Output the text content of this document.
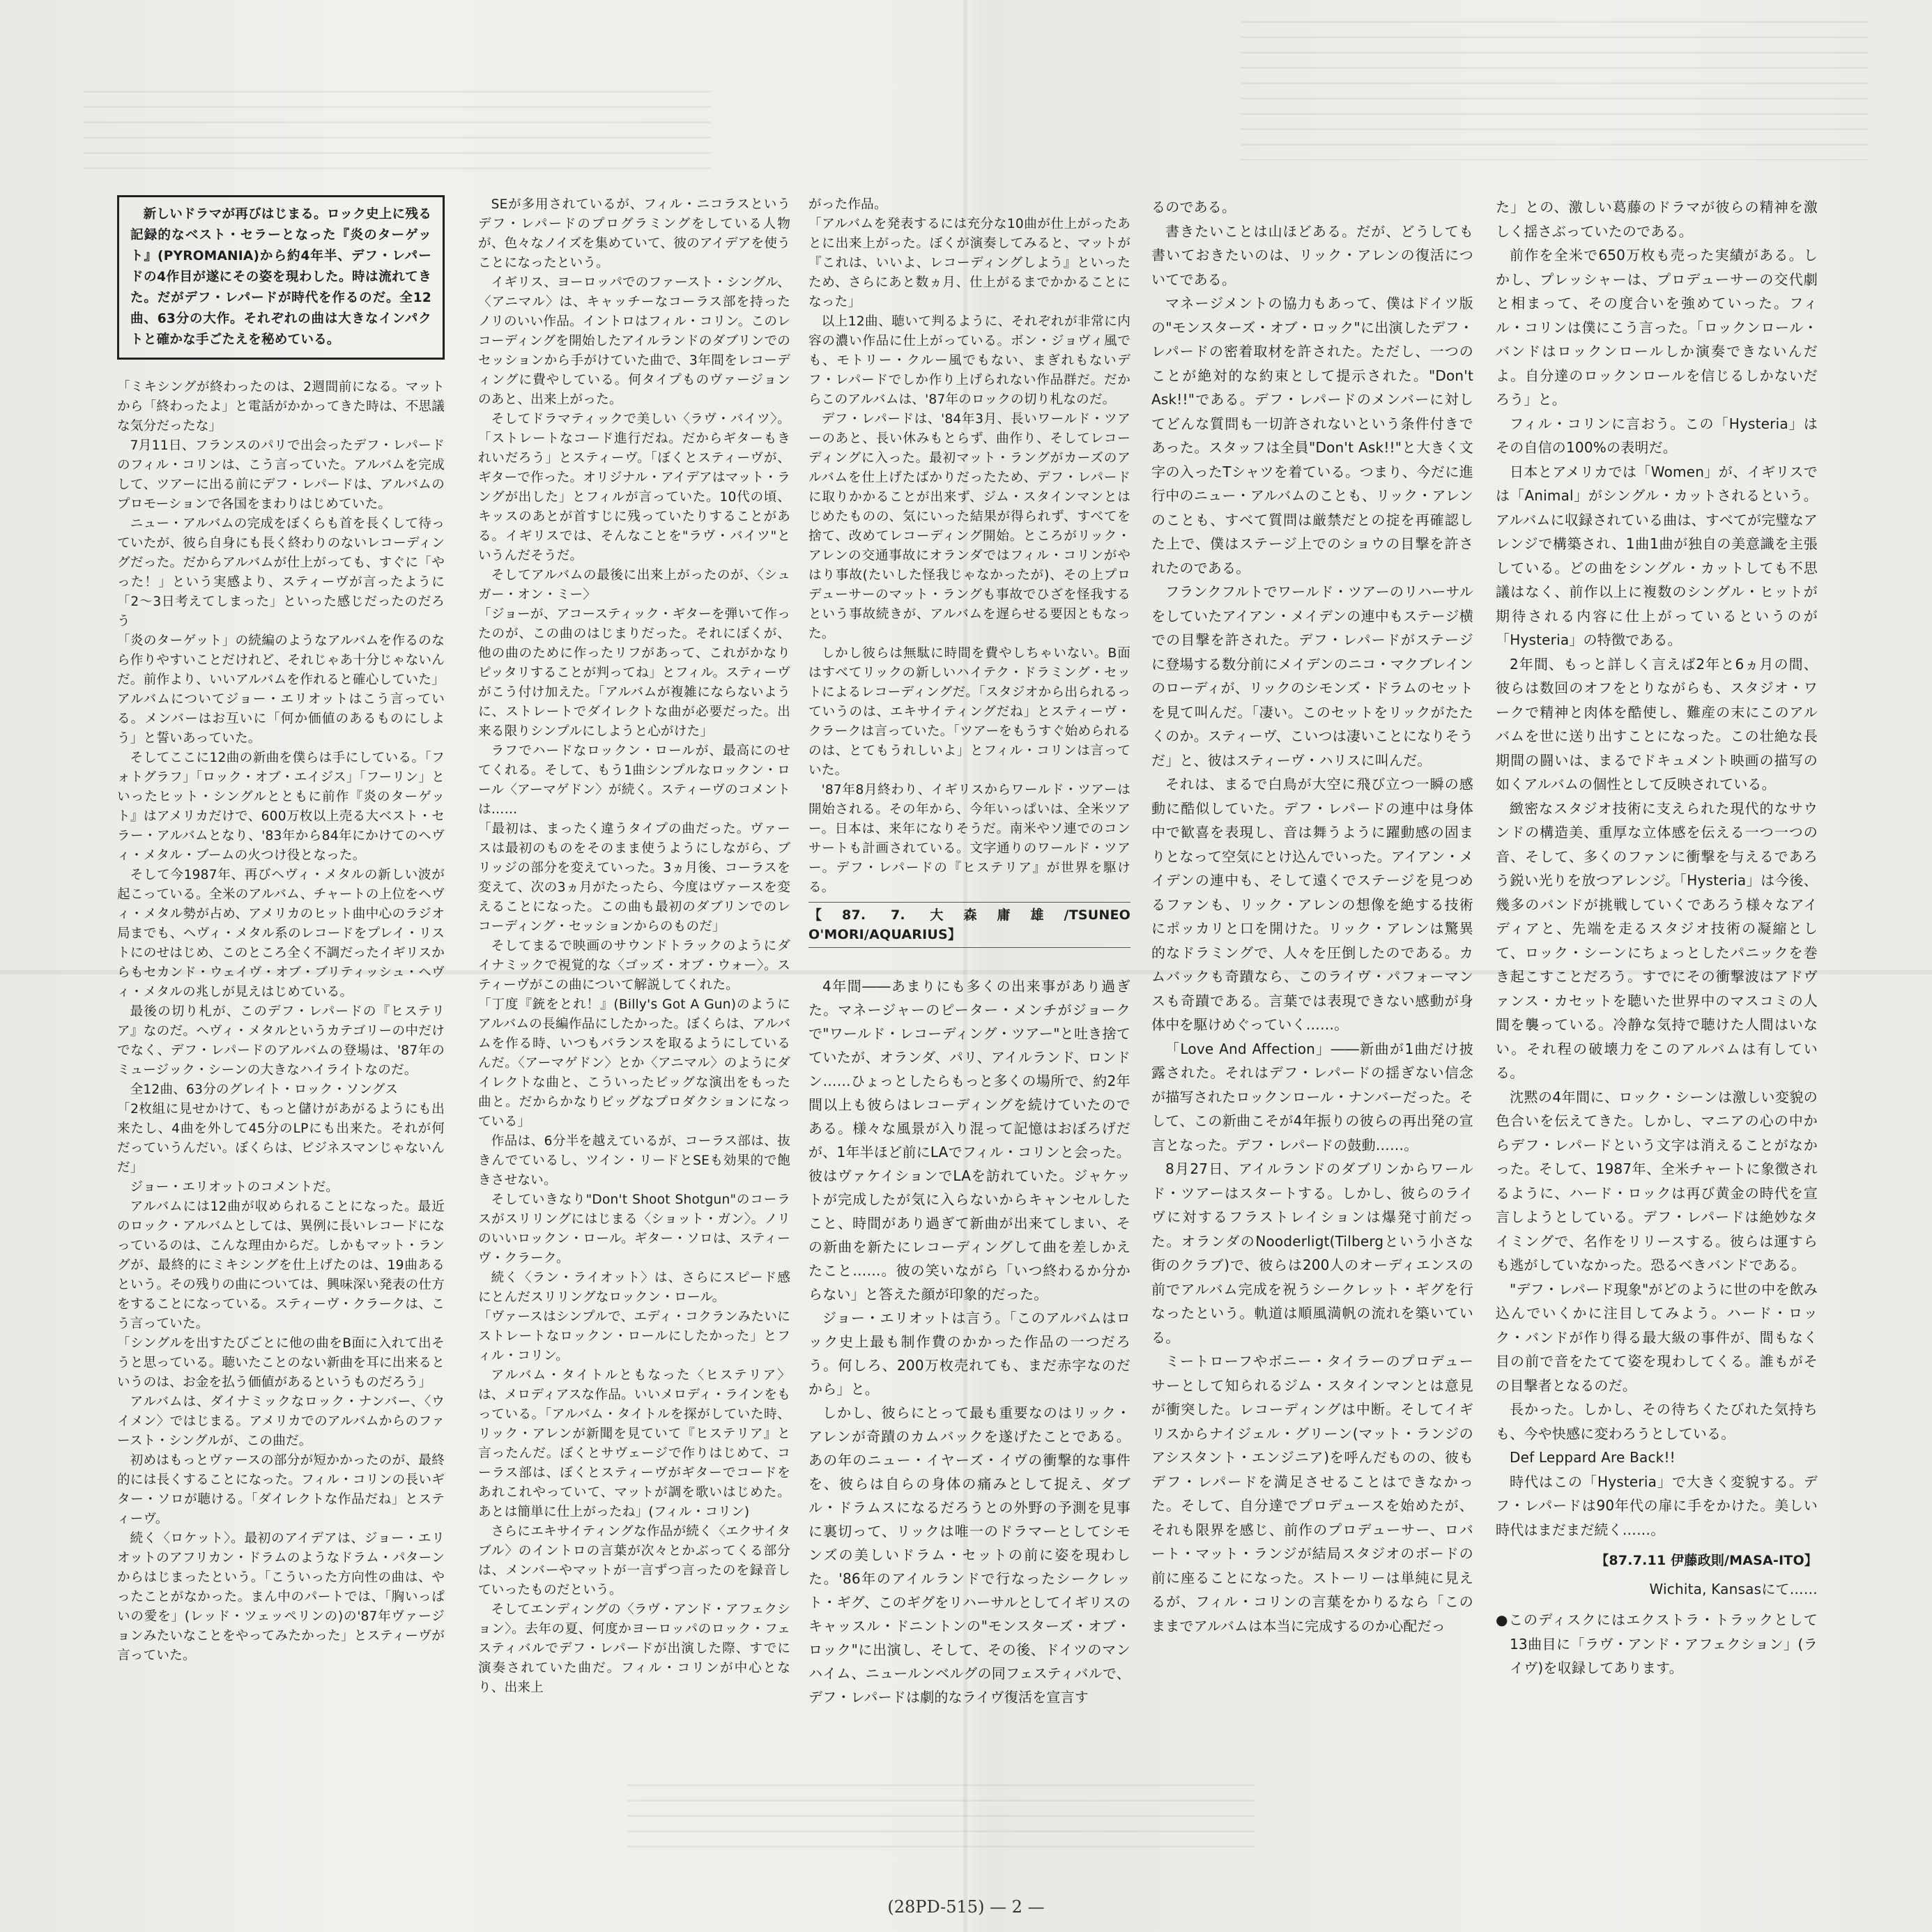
新しいドラマが再びはじまる。ロック史上に残る記録的なベスト・セラーとなった『炎のターゲット』(PYROMANIA)から約4年半、デフ・レパードの4作目が遂にその姿を現わした。時は流れてきた。だがデフ・レパードが時代を作るのだ。全12曲、63分の大作。それぞれの曲は大きなインパクトと確かな手ごたえを秘めている。

「ミキシングが終わったのは、2週間前になる。マットから「終わったよ」と電話がかかってきた時は、不思議な気分だったな」

7月11日、フランスのパリで出会ったデフ・レパードのフィル・コリンは、こう言っていた。アルバムを完成して、ツアーに出る前にデフ・レパードは、アルバムのプロモーションで各国をまわりはじめていた。

ニュー・アルバムの完成をぼくらも首を長くして待っていたが、彼ら自身にも長く終わりのないレコーディングだった。だからアルバムが仕上がっても、すぐに「やった！」という実感より、スティーヴが言ったように「2〜3日考えてしまった」といった感じだったのだろう

「炎のターゲット」の続編のようなアルバムを作るのなら作りやすいことだけれど、それじゃあ十分じゃないんだ。前作より、いいアルバムを作れると確心していた」アルバムについてジョー・エリオットはこう言っている。メンバーはお互いに「何か価値のあるものにしよう」と誓いあっていた。

そしてここに12曲の新曲を僕らは手にしている。「フォトグラフ」「ロック・オブ・エイジス」「フーリン」といったヒット・シングルとともに前作『炎のターゲット』はアメリカだけで、600万枚以上売る大ベスト・セラー・アルバムとなり、'83年から84年にかけてのヘヴィ・メタル・ブームの火つけ役となった。

そして今1987年、再びヘヴィ・メタルの新しい波が起こっている。全米のアルバム、チャートの上位をヘヴィ・メタル勢が占め、アメリカのヒット曲中心のラジオ局までも、ヘヴィ・メタル系のレコードをプレイ・リストにのせはじめ、このところ全く不調だったイギリスからもセカンド・ウェイヴ・オブ・ブリティッシュ・ヘヴィ・メタルの兆しが見えはじめている。

最後の切り札が、このデフ・レパードの『ヒステリア』なのだ。ヘヴィ・メタルというカテゴリーの中だけでなく、デフ・レパードのアルバムの登場は、'87年のミュージック・シーンの大きなハイライトなのだ。

全12曲、63分のグレイト・ロック・ソングス

「2枚組に見せかけて、もっと儲けがあがるようにも出来たし、4曲を外して45分のLPにも出来た。それが何だっていうんだい。ぼくらは、ビジネスマンじゃないんだ」

ジョー・エリオットのコメントだ。

アルバムには12曲が収められることになった。最近のロック・アルバムとしては、異例に長いレコードになっているのは、こんな理由からだ。しかもマット・ラングが、最終的にミキシングを仕上げたのは、19曲あるという。その残りの曲については、興味深い発表の仕方をすることになっている。スティーヴ・クラークは、こう言っていた。

「シングルを出すたびごとに他の曲をB面に入れて出そうと思っている。聴いたことのない新曲を耳に出来るというのは、お金を払う価値があるというものだろう」

アルバムは、ダイナミックなロック・ナンバー、〈ウイメン〉ではじまる。アメリカでのアルバムからのファースト・シングルが、この曲だ。

初めはもっとヴァースの部分が短かかったのが、最終的には長くすることになった。フィル・コリンの長いギター・ソロが聴ける。「ダイレクトな作品だね」とスティーヴ。

続く〈ロケット〉。最初のアイデアは、ジョー・エリオットのアフリカン・ドラムのようなドラム・パターンからはじまったという。「こういった方向性の曲は、やったことがなかった。まん中のパートでは、「胸いっぱいの愛を」(レッド・ツェッペリンの)の'87年ヴァージョンみたいなことをやってみたかった」とスティーヴが言っていた。

SEが多用されているが、フィル・ニコラスというデフ・レパードのプログラミングをしている人物が、色々なノイズを集めていて、彼のアイデアを使うことになったという。

イギリス、ヨーロッパでのファースト・シングル、〈アニマル〉は、キャッチーなコーラス部を持ったノリのいい作品。イントロはフィル・コリン。このレコーディングを開始したアイルランドのダブリンでのセッションから手がけていた曲で、3年間をレコーディングに費やしている。何タイプものヴァージョンのあと、出来上がった。

そしてドラマティックで美しい〈ラヴ・バイツ〉。「ストレートなコード進行だね。だからギターもきれいだろう」とスティーヴ。「ぼくとスティーヴが、ギターで作った。オリジナル・アイデアはマット・ラングが出した」とフィルが言っていた。10代の頃、キッスのあとが首すじに残っていたりすることがある。イギリスでは、そんなことを"ラヴ・バイツ"というんだそうだ。

そしてアルバムの最後に出来上がったのが、〈シュガー・オン・ミー〉

「ジョーが、アコースティック・ギターを弾いて作ったのが、この曲のはじまりだった。それにぼくが、他の曲のために作ったリフがあって、これがかなりピッタリすることが判ってね」とフィル。スティーヴがこう付け加えた。「アルバムが複雑にならないように、ストレートでダイレクトな曲が必要だった。出来る限りシンプルにしようと心がけた」

ラフでハードなロックン・ロールが、最高にのせてくれる。そして、もう1曲シンプルなロックン・ロール〈アーマゲドン〉が続く。スティーヴのコメントは……

「最初は、まったく違うタイプの曲だった。ヴァースは最初のものをそのまま使うようにしながら、ブリッジの部分を変えていった。3ヵ月後、コーラスを変えて、次の3ヵ月がたったら、今度はヴァースを変えることになった。この曲も最初のダブリンでのレコーディング・セッションからのものだ」

そしてまるで映画のサウンドトラックのようにダイナミックで視覚的な〈ゴッズ・オブ・ウォー〉。スティーヴがこの曲について解説してくれた。

「丁度『銃をとれ！』(Billy's Got A Gun)のようにアルバムの長編作品にしたかった。ぼくらは、アルバムを作る時、いつもバランスを取るようにしているんだ。〈アーマゲドン〉とか〈アニマル〉のようにダイレクトな曲と、こういったビッグな演出をもった曲と。だからかなりビッグなプロダクションになっている」

作品は、6分半を越えているが、コーラス部は、抜きんでているし、ツイン・リードとSEも効果的で飽きさせない。

そしていきなり"Don't Shoot Shotgun"のコーラスがスリリングにはじまる〈ショット・ガン〉。ノリのいいロックン・ロール。ギター・ソロは、スティーヴ・クラーク。

続く〈ラン・ライオット〉は、さらにスピード感にとんだスリリングなロックン・ロール。

「ヴァースはシンプルで、エディ・コクランみたいにストレートなロックン・ロールにしたかった」とフィル・コリン。

アルバム・タイトルともなった〈ヒステリア〉は、メロディアスな作品。いいメロディ・ラインをもっている。「アルバム・タイトルを探がしていた時、リック・アレンが新聞を見ていて『ヒステリア』と言ったんだ。ぼくとサヴェージで作りはじめて、コーラス部は、ぼくとスティーヴがギターでコードをあれこれやっていて、マットが調を歌いはじめた。あとは簡単に仕上がったね」(フィル・コリン)

さらにエキサイティングな作品が続く〈エクサイタブル〉のイントロの言葉が次々とかぶってくる部分は、メンバーやマットが一言ずつ言ったのを録音していったものだという。

そしてエンディングの〈ラヴ・アンド・アフェクション〉。去年の夏、何度かヨーロッパのロック・フェスティバルでデフ・レパードが出演した際、すでに演奏されていた曲だ。フィル・コリンが中心となり、出来上

がった作品。

「アルバムを発表するには充分な10曲が仕上がったあとに出来上がった。ぼくが演奏してみると、マットが『これは、いいよ、レコーディングしよう』といったため、さらにあと数ヵ月、仕上がるまでかかることになった」

以上12曲、聴いて判るように、それぞれが非常に内容の濃い作品に仕上がっている。ボン・ジョヴィ風でも、モトリー・クルー風でもない、まぎれもないデフ・レパードでしか作り上げられない作品群だ。だからこのアルバムは、'87年のロックの切り札なのだ。

デフ・レパードは、'84年3月、長いワールド・ツアーのあと、長い休みもとらず、曲作り、そしてレコーディングに入った。最初マット・ラングがカーズのアルバムを仕上げたばかりだったため、デフ・レパードに取りかかることが出来ず、ジム・スタインマンとはじめたものの、気にいった結果が得られず、すべてを捨て、改めてレコーディング開始。ところがリック・アレンの交通事故にオランダではフィル・コリンがやはり事故(たいした怪我じゃなかったが)、その上プロデューサーのマット・ラングも事故でひざを怪我するという事故続きが、アルバムを遅らせる要因ともなった。

しかし彼らは無駄に時間を費やしちゃいない。B面はすべてリックの新しいハイテク・ドラミング・セットによるレコーディングだ。「スタジオから出られるっていうのは、エキサイティングだね」とスティーヴ・クラークは言っていた。「ツアーをもうすぐ始められるのは、とてもうれしいよ」とフィル・コリンは言っていた。

'87年8月終わり、イギリスからワールド・ツアーは開始される。その年から、今年いっぱいは、全米ツアー。日本は、来年になりそうだ。南米やソ連でのコンサートも計画されている。文字通りのワールド・ツアー。デフ・レパードの『ヒステリア』が世界を駆ける。

【87. 7. 大森庸雄/TSUNEO O'MORI/AQUARIUS】

4年間――あまりにも多くの出来事があり過ぎた。マネージャーのピーター・メンチがジョークで"ワールド・レコーディング・ツアー"と吐き捨てていたが、オランダ、パリ、アイルランド、ロンドン……ひょっとしたらもっと多くの場所で、約2年間以上も彼らはレコーディングを続けていたのである。様々な風景が入り混って記憶はおぼろげだが、1年半ほど前にLAでフィル・コリンと会った。彼はヴァケイションでLAを訪れていた。ジャケットが完成したが気に入らないからキャンセルしたこと、時間があり過ぎて新曲が出来てしまい、その新曲を新たにレコーディングして曲を差しかえたこと……。彼の笑いながら「いつ終わるか分からない」と答えた顔が印象的だった。

ジョー・エリオットは言う。「このアルバムはロック史上最も制作費のかかった作品の一つだろう。何しろ、200万枚売れても、まだ赤字なのだから」と。

しかし、彼らにとって最も重要なのはリック・アレンが奇蹟のカムバックを遂げたことである。あの年のニュー・イヤーズ・イヴの衝撃的な事件を、彼らは自らの身体の痛みとして捉え、ダブル・ドラムスになるだろうとの外野の予測を見事に裏切って、リックは唯一のドラマーとしてシモンズの美しいドラム・セットの前に姿を現わした。'86年のアイルランドで行なったシークレット・ギグ、このギグをリハーサルとしてイギリスのキャッスル・ドニントンの"モンスターズ・オブ・ロック"に出演し、そして、その後、ドイツのマンハイム、ニュールンベルグの同フェスティバルで、デフ・レパードは劇的なライヴ復活を宣言す

るのである。

書きたいことは山ほどある。だが、どうしても書いておきたいのは、リック・アレンの復活についてである。

マネージメントの協力もあって、僕はドイツ版の"モンスターズ・オブ・ロック"に出演したデフ・レパードの密着取材を許された。ただし、一つのことが絶対的な約束として提示された。"Don't Ask!!"である。デフ・レパードのメンバーに対してどんな質問も一切許されないという条件付きであった。スタッフは全員"Don't Ask!!"と大きく文字の入ったTシャツを着ている。つまり、今だに進行中のニュー・アルバムのことも、リック・アレンのことも、すべて質問は厳禁だとの掟を再確認した上で、僕はステージ上でのショウの目撃を許されたのである。

フランクフルトでワールド・ツアーのリハーサルをしていたアイアン・メイデンの連中もステージ横での目撃を許された。デフ・レパードがステージに登場する数分前にメイデンのニコ・マクブレインのローディが、リックのシモンズ・ドラムのセットを見て叫んだ。「凄い。このセットをリックがたたくのか。スティーヴ、こいつは凄いことになりそうだ」と、彼はスティーヴ・ハリスに叫んだ。

それは、まるで白鳥が大空に飛び立つ一瞬の感動に酷似していた。デフ・レパードの連中は身体中で歓喜を表現し、音は舞うように躍動感の固まりとなって空気にとけ込んでいった。アイアン・メイデンの連中も、そして遠くでステージを見つめるファンも、リック・アレンの想像を絶する技術にポッカリと口を開けた。リック・アレンは驚異的なドラミングで、人々を圧倒したのである。カムバックも奇蹟なら、このライヴ・パフォーマンスも奇蹟である。言葉では表現できない感動が身体中を駆けめぐっていく……。

「Love And Affection」――新曲が1曲だけ披露された。それはデフ・レパードの揺ぎない信念が描写されたロックンロール・ナンバーだった。そして、この新曲こそが4年振りの彼らの再出発の宣言となった。デフ・レパードの鼓動……。

8月27日、アイルランドのダブリンからワールド・ツアーはスタートする。しかし、彼らのライヴに対するフラストレイションは爆発寸前だった。オランダのNooderligt(Tilbergという小さな街のクラブ)で、彼らは200人のオーディエンスの前でアルバム完成を祝うシークレット・ギグを行なったという。軌道は順風満帆の流れを築いている。

ミートローフやボニー・タイラーのプロデューサーとして知られるジム・スタインマンとは意見が衝突した。レコーディングは中断。そしてイギリスからナイジェル・グリーン(マット・ランジのアシスタント・エンジニア)を呼んだものの、彼もデフ・レパードを満足させることはできなかった。そして、自分達でプロデュースを始めたが、それも限界を感じ、前作のプロデューサー、ロバート・マット・ランジが結局スタジオのボードの前に座ることになった。ストーリーは単純に見えるが、フィル・コリンの言葉をかりるなら「このままでアルバムは本当に完成するのか心配だっ

た」との、激しい葛藤のドラマが彼らの精神を激しく揺さぶっていたのである。

前作を全米で650万枚も売った実績がある。しかし、プレッシャーは、プロデューサーの交代劇と相まって、その度合いを強めていった。フィル・コリンは僕にこう言った。「ロックンロール・バンドはロックンロールしか演奏できないんだよ。自分達のロックンロールを信じるしかないだろう」と。

フィル・コリンに言おう。この「Hysteria」はその自信の100%の表明だ。

日本とアメリカでは「Women」が、イギリスでは「Animal」がシングル・カットされるという。アルバムに収録されている曲は、すべてが完璧なアレンジで構築され、1曲1曲が独自の美意識を主張している。どの曲をシングル・カットしても不思議はなく、前作以上に複数のシングル・ヒットが期待される内容に仕上がっているというのが「Hysteria」の特徴である。

2年間、もっと詳しく言えば2年と6ヵ月の間、彼らは数回のオフをとりながらも、スタジオ・ワークで精神と肉体を酷使し、難産の末にこのアルバムを世に送り出すことになった。この壮絶な長期間の闘いは、まるでドキュメント映画の描写の如くアルバムの個性として反映されている。

緻密なスタジオ技術に支えられた現代的なサウンドの構造美、重厚な立体感を伝える一つ一つの音、そして、多くのファンに衝撃を与えるであろう鋭い光りを放つアレンジ。「Hysteria」は今後、幾多のバンドが挑戦していくであろう様々なアイディアと、先端を走るスタジオ技術の凝縮として、ロック・シーンにちょっとしたパニックを巻き起こすことだろう。すでにその衝撃波はアドヴァンス・カセットを聴いた世界中のマスコミの人間を襲っている。冷静な気持で聴けた人間はいない。それ程の破壊力をこのアルバムは有している。

沈黙の4年間に、ロック・シーンは激しい変貌の色合いを伝えてきた。しかし、マニアの心の中からデフ・レパードという文字は消えることがなかった。そして、1987年、全米チャートに象徴されるように、ハード・ロックは再び黄金の時代を宣言しようとしている。デフ・レパードは絶妙なタイミングで、名作をリリースする。彼らは運すらも逃がしていなかった。恐るべきバンドである。

"デフ・レパード現象"がどのように世の中を飲み込んでいくかに注目してみよう。ハード・ロック・バンドが作り得る最大級の事件が、間もなく目の前で音をたてて姿を現わしてくる。誰もがその目撃者となるのだ。

長かった。しかし、その待ちくたびれた気持ちも、今や快感に変わろうとしている。

Def Leppard Are Back!!

時代はこの「Hysteria」で大きく変貌する。デフ・レパードは90年代の扉に手をかけた。美しい時代はまだまだ続く……。

【87.7.11 伊藤政則/MASA-ITO】
Wichita, Kansasにて……
●このディスクにはエクストラ・トラックとして13曲目に「ラヴ・アンド・アフェクション」(ライヴ)を収録してあります。
(28PD-515) — 2 —
